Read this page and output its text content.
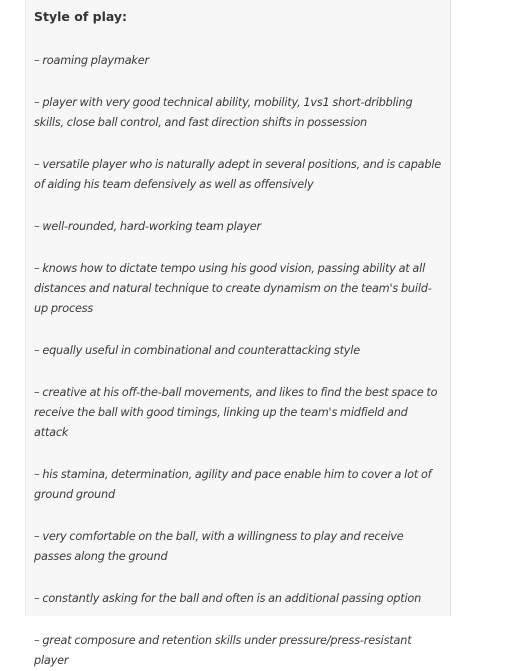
Style of play:
– roaming playmaker
– player with very good technical ability, mobility, 1vs1 short-dribbling skills, close ball control, and fast direction shifts in possession
– versatile player who is naturally adept in several positions, and is capable of aiding his team defensively as well as offensively
– well-rounded, hard-working team player
– knows how to dictate tempo using his good vision, passing ability at all distances and natural technique to create dynamism on the team's build-up process
– equally useful in combinational and counterattacking style
– creative at his off-the-ball movements, and likes to find the best space to receive the ball with good timings, linking up the team's midfield and attack
– his stamina, determination, agility and pace enable him to cover a lot of ground ground
– very comfortable on the ball, with a willingness to play and receive passes along the ground
– constantly asking for the ball and often is an additional passing option
– great composure and retention skills under pressure/press-resistant player
